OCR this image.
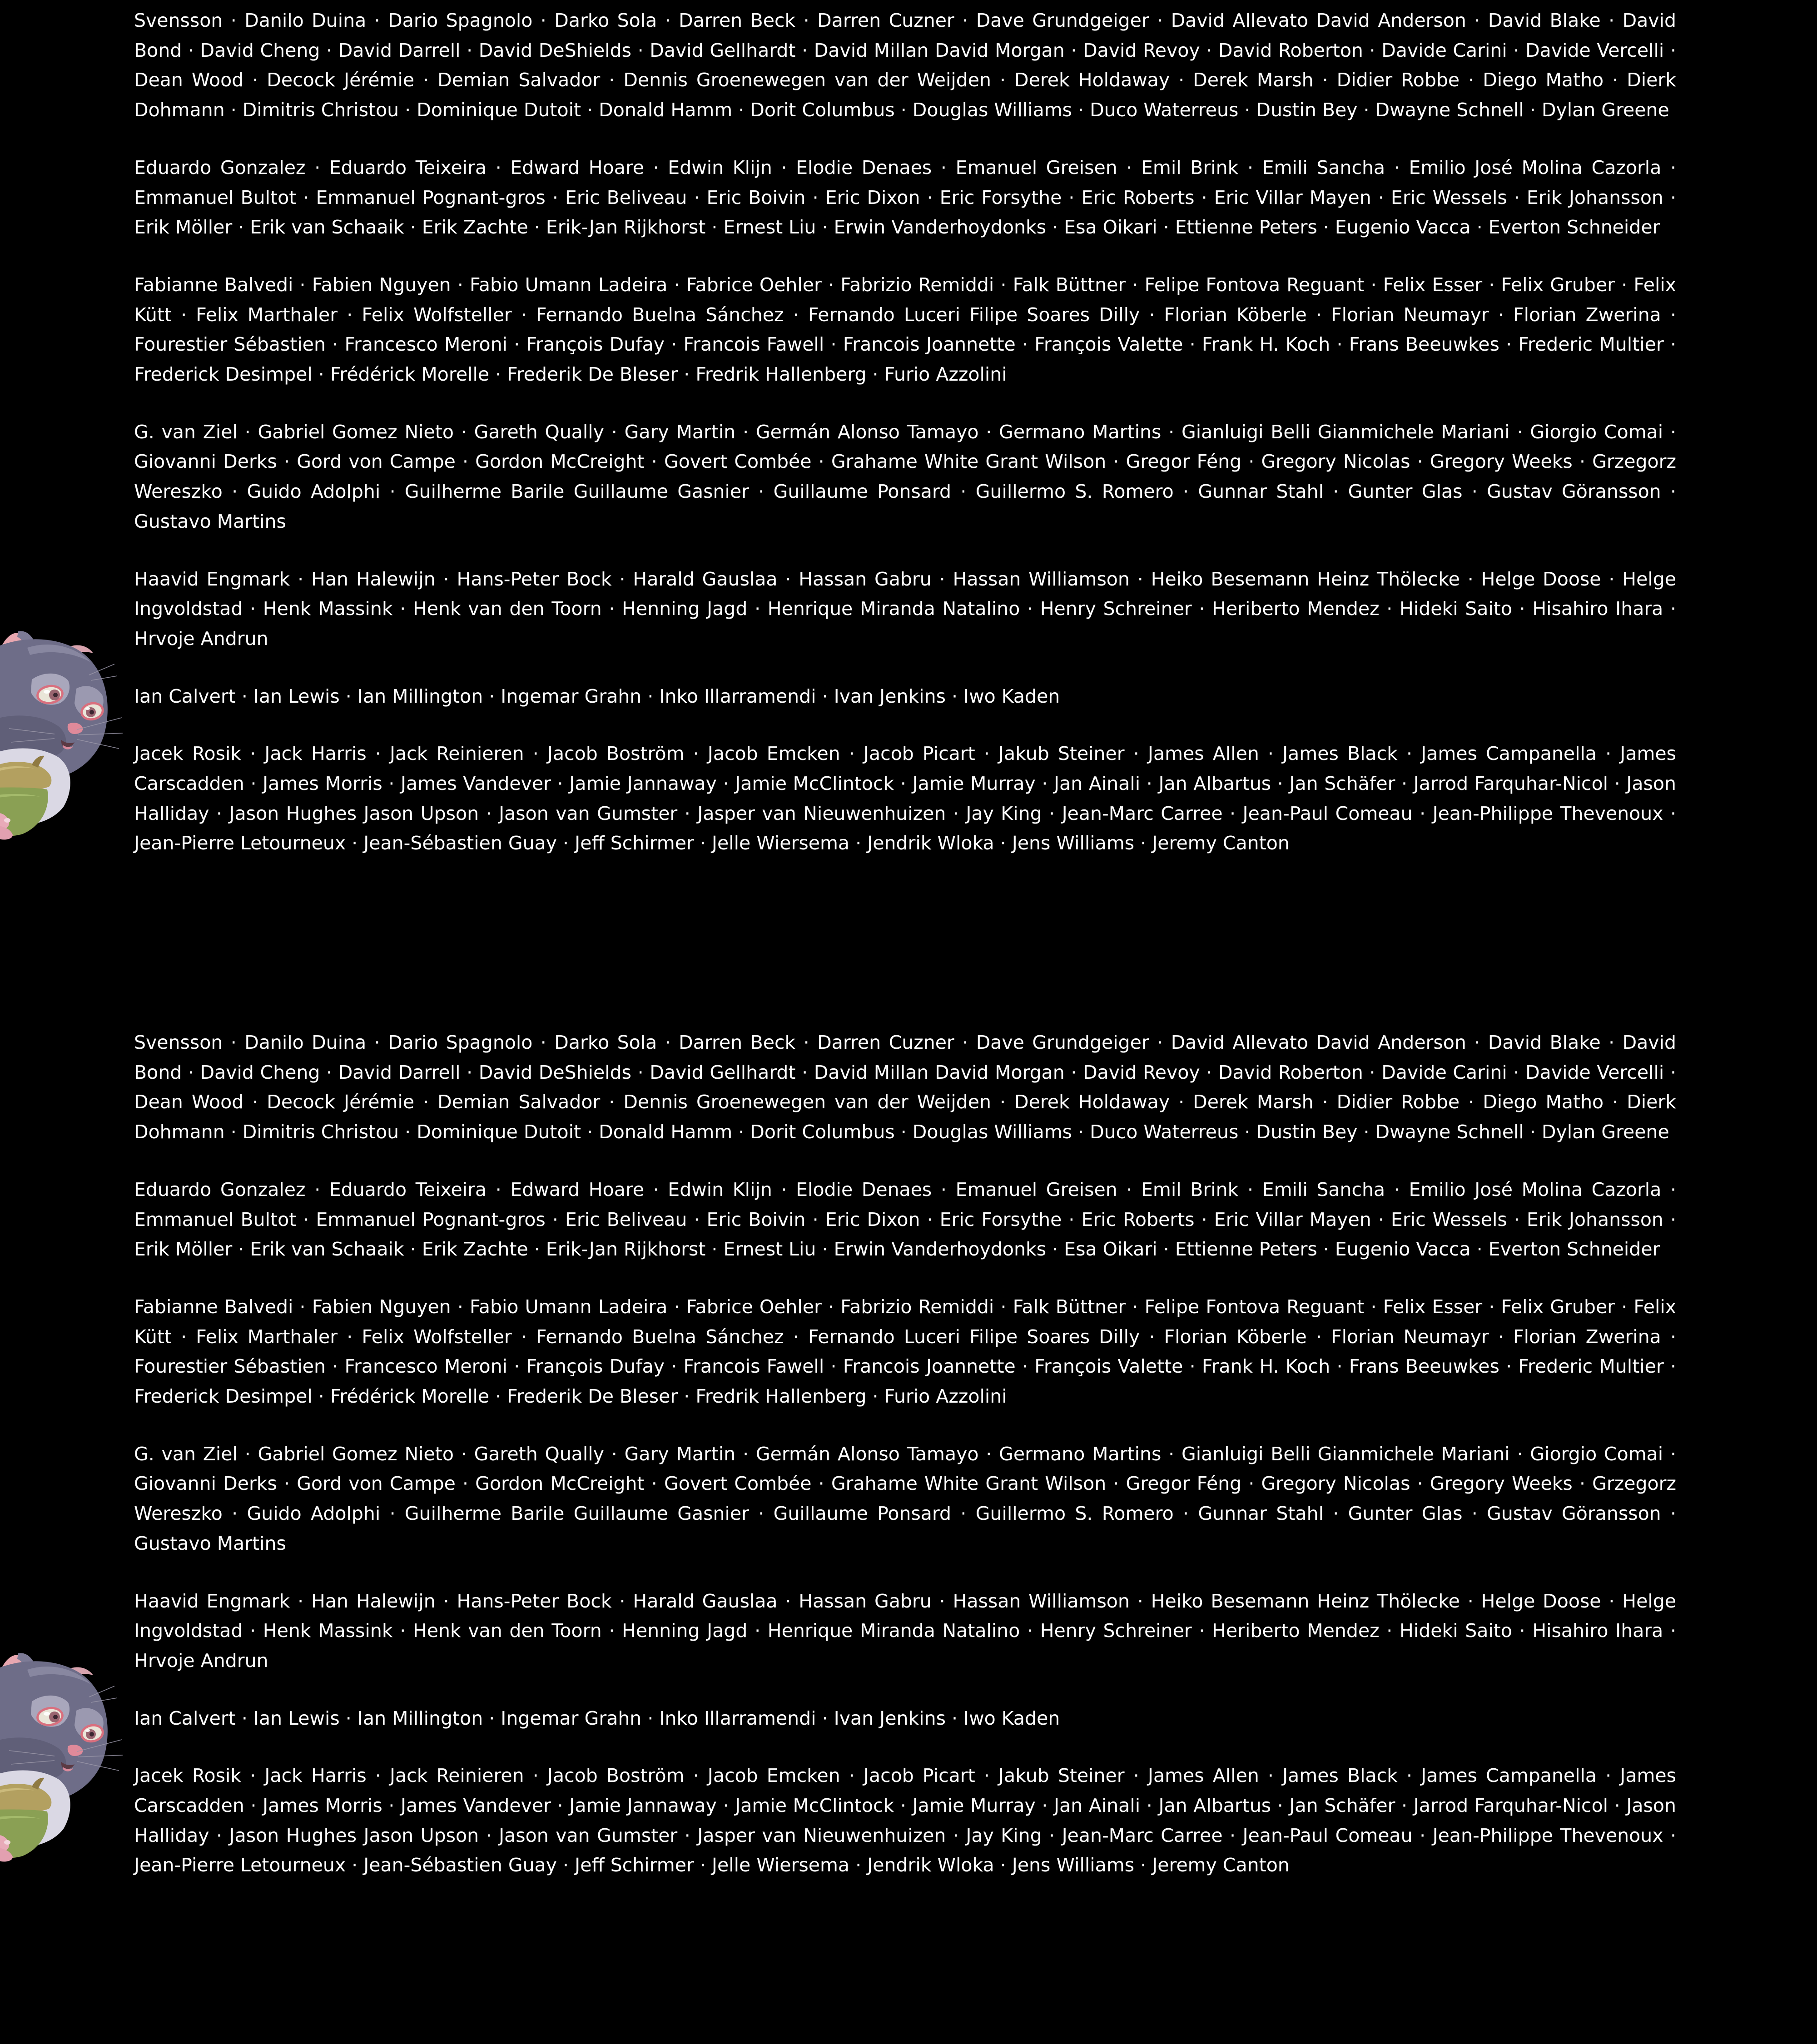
Svensson · Danilo Duina · Dario Spagnolo · Darko Sola · Darren Beck · Darren Cuzner · Dave Grundgeiger · David Allevato David Anderson · David Blake · David Bond · David Cheng · David Darrell · David DeShields · David Gellhardt · David Millan David Morgan · David Revoy · David Roberton · Davide Carini · Davide Vercelli · Dean Wood · Decock Jérémie · Demian Salvador · Dennis Groenewegen van der Weijden · Derek Holdaway · Derek Marsh · Didier Robbe · Diego Matho · Dierk Dohmann · Dimitris Christou · Dominique Dutoit · Donald Hamm · Dorit Columbus · Douglas Williams · Duco Waterreus · Dustin Bey · Dwayne Schnell · Dylan Greene

Eduardo Gonzalez · Eduardo Teixeira · Edward Hoare · Edwin Klijn · Elodie Denaes · Emanuel Greisen · Emil Brink · Emili Sancha · Emilio José Molina Cazorla · Emmanuel Bultot · Emmanuel Pognant-gros · Eric Beliveau · Eric Boivin · Eric Dixon · Eric Forsythe · Eric Roberts · Eric Villar Mayen · Eric Wessels · Erik Johansson · Erik Möller · Erik van Schaaik · Erik Zachte · Erik-Jan Rijkhorst · Ernest Liu · Erwin Vanderhoydonks · Esa Oikari · Ettienne Peters · Eugenio Vacca · Everton Schneider

Fabianne Balvedi · Fabien Nguyen · Fabio Umann Ladeira · Fabrice Oehler · Fabrizio Remiddi · Falk Büttner · Felipe Fontova Reguant · Felix Esser · Felix Gruber · Felix Kütt · Felix Marthaler · Felix Wolfsteller · Fernando Buelna Sánchez · Fernando Luceri Filipe Soares Dilly · Florian Köberle · Florian Neumayr · Florian Zwerina · Fourestier Sébastien · Francesco Meroni · François Dufay · Francois Fawell · Francois Joannette · François Valette · Frank H. Koch · Frans Beeuwkes · Frederic Multier · Frederick Desimpel · Frédérick Morelle · Frederik De Bleser · Fredrik Hallenberg · Furio Azzolini

G. van Ziel · Gabriel Gomez Nieto · Gareth Qually · Gary Martin · Germán Alonso Tamayo · Germano Martins · Gianluigi Belli Gianmichele Mariani · Giorgio Comai · Giovanni Derks · Gord von Campe · Gordon McCreight · Govert Combée · Grahame White Grant Wilson · Gregor Féng · Gregory Nicolas · Gregory Weeks · Grzegorz Wereszko · Guido Adolphi · Guilherme Barile Guillaume Gasnier · Guillaume Ponsard · Guillermo S. Romero · Gunnar Stahl · Gunter Glas · Gustav Göransson · Gustavo Martins

Haavid Engmark · Han Halewijn · Hans-Peter Bock · Harald Gauslaa · Hassan Gabru · Hassan Williamson · Heiko Besemann Heinz Thölecke · Helge Doose · Helge Ingvoldstad · Henk Massink · Henk van den Toorn · Henning Jagd · Henrique Miranda Natalino · Henry Schreiner · Heriberto Mendez · Hideki Saito · Hisahiro Ihara · Hrvoje Andrun

Ian Calvert · Ian Lewis · Ian Millington · Ingemar Grahn · Inko Illarramendi · Ivan Jenkins · Iwo Kaden

Jacek Rosik · Jack Harris · Jack Reinieren · Jacob Boström · Jacob Emcken · Jacob Picart · Jakub Steiner · James Allen · James Black · James Campanella · James Carscadden · James Morris · James Vandever · Jamie Jannaway · Jamie McClintock · Jamie Murray · Jan Ainali · Jan Albartus · Jan Schäfer · Jarrod Farquhar-Nicol · Jason Halliday · Jason Hughes Jason Upson · Jason van Gumster · Jasper van Nieuwenhuizen · Jay King · Jean-Marc Carree · Jean-Paul Comeau · Jean-Philippe Thevenoux · Jean-Pierre Letourneux · Jean-Sébastien Guay · Jeff Schirmer · Jelle Wiersema · Jendrik Wloka · Jens Williams · Jeremy Canton

Svensson · Danilo Duina · Dario Spagnolo · Darko Sola · Darren Beck · Darren Cuzner · Dave Grundgeiger · David Allevato David Anderson · David Blake · David Bond · David Cheng · David Darrell · David DeShields · David Gellhardt · David Millan David Morgan · David Revoy · David Roberton · Davide Carini · Davide Vercelli · Dean Wood · Decock Jérémie · Demian Salvador · Dennis Groenewegen van der Weijden · Derek Holdaway · Derek Marsh · Didier Robbe · Diego Matho · Dierk Dohmann · Dimitris Christou · Dominique Dutoit · Donald Hamm · Dorit Columbus · Douglas Williams · Duco Waterreus · Dustin Bey · Dwayne Schnell · Dylan Greene

Eduardo Gonzalez · Eduardo Teixeira · Edward Hoare · Edwin Klijn · Elodie Denaes · Emanuel Greisen · Emil Brink · Emili Sancha · Emilio José Molina Cazorla · Emmanuel Bultot · Emmanuel Pognant-gros · Eric Beliveau · Eric Boivin · Eric Dixon · Eric Forsythe · Eric Roberts · Eric Villar Mayen · Eric Wessels · Erik Johansson · Erik Möller · Erik van Schaaik · Erik Zachte · Erik-Jan Rijkhorst · Ernest Liu · Erwin Vanderhoydonks · Esa Oikari · Ettienne Peters · Eugenio Vacca · Everton Schneider

Fabianne Balvedi · Fabien Nguyen · Fabio Umann Ladeira · Fabrice Oehler · Fabrizio Remiddi · Falk Büttner · Felipe Fontova Reguant · Felix Esser · Felix Gruber · Felix Kütt · Felix Marthaler · Felix Wolfsteller · Fernando Buelna Sánchez · Fernando Luceri Filipe Soares Dilly · Florian Köberle · Florian Neumayr · Florian Zwerina · Fourestier Sébastien · Francesco Meroni · François Dufay · Francois Fawell · Francois Joannette · François Valette · Frank H. Koch · Frans Beeuwkes · Frederic Multier · Frederick Desimpel · Frédérick Morelle · Frederik De Bleser · Fredrik Hallenberg · Furio Azzolini

G. van Ziel · Gabriel Gomez Nieto · Gareth Qually · Gary Martin · Germán Alonso Tamayo · Germano Martins · Gianluigi Belli Gianmichele Mariani · Giorgio Comai · Giovanni Derks · Gord von Campe · Gordon McCreight · Govert Combée · Grahame White Grant Wilson · Gregor Féng · Gregory Nicolas · Gregory Weeks · Grzegorz Wereszko · Guido Adolphi · Guilherme Barile Guillaume Gasnier · Guillaume Ponsard · Guillermo S. Romero · Gunnar Stahl · Gunter Glas · Gustav Göransson · Gustavo Martins

Haavid Engmark · Han Halewijn · Hans-Peter Bock · Harald Gauslaa · Hassan Gabru · Hassan Williamson · Heiko Besemann Heinz Thölecke · Helge Doose · Helge Ingvoldstad · Henk Massink · Henk van den Toorn · Henning Jagd · Henrique Miranda Natalino · Henry Schreiner · Heriberto Mendez · Hideki Saito · Hisahiro Ihara · Hrvoje Andrun

Ian Calvert · Ian Lewis · Ian Millington · Ingemar Grahn · Inko Illarramendi · Ivan Jenkins · Iwo Kaden

Jacek Rosik · Jack Harris · Jack Reinieren · Jacob Boström · Jacob Emcken · Jacob Picart · Jakub Steiner · James Allen · James Black · James Campanella · James Carscadden · James Morris · James Vandever · Jamie Jannaway · Jamie McClintock · Jamie Murray · Jan Ainali · Jan Albartus · Jan Schäfer · Jarrod Farquhar-Nicol · Jason Halliday · Jason Hughes Jason Upson · Jason van Gumster · Jasper van Nieuwenhuizen · Jay King · Jean-Marc Carree · Jean-Paul Comeau · Jean-Philippe Thevenoux · Jean-Pierre Letourneux · Jean-Sébastien Guay · Jeff Schirmer · Jelle Wiersema · Jendrik Wloka · Jens Williams · Jeremy Canton
